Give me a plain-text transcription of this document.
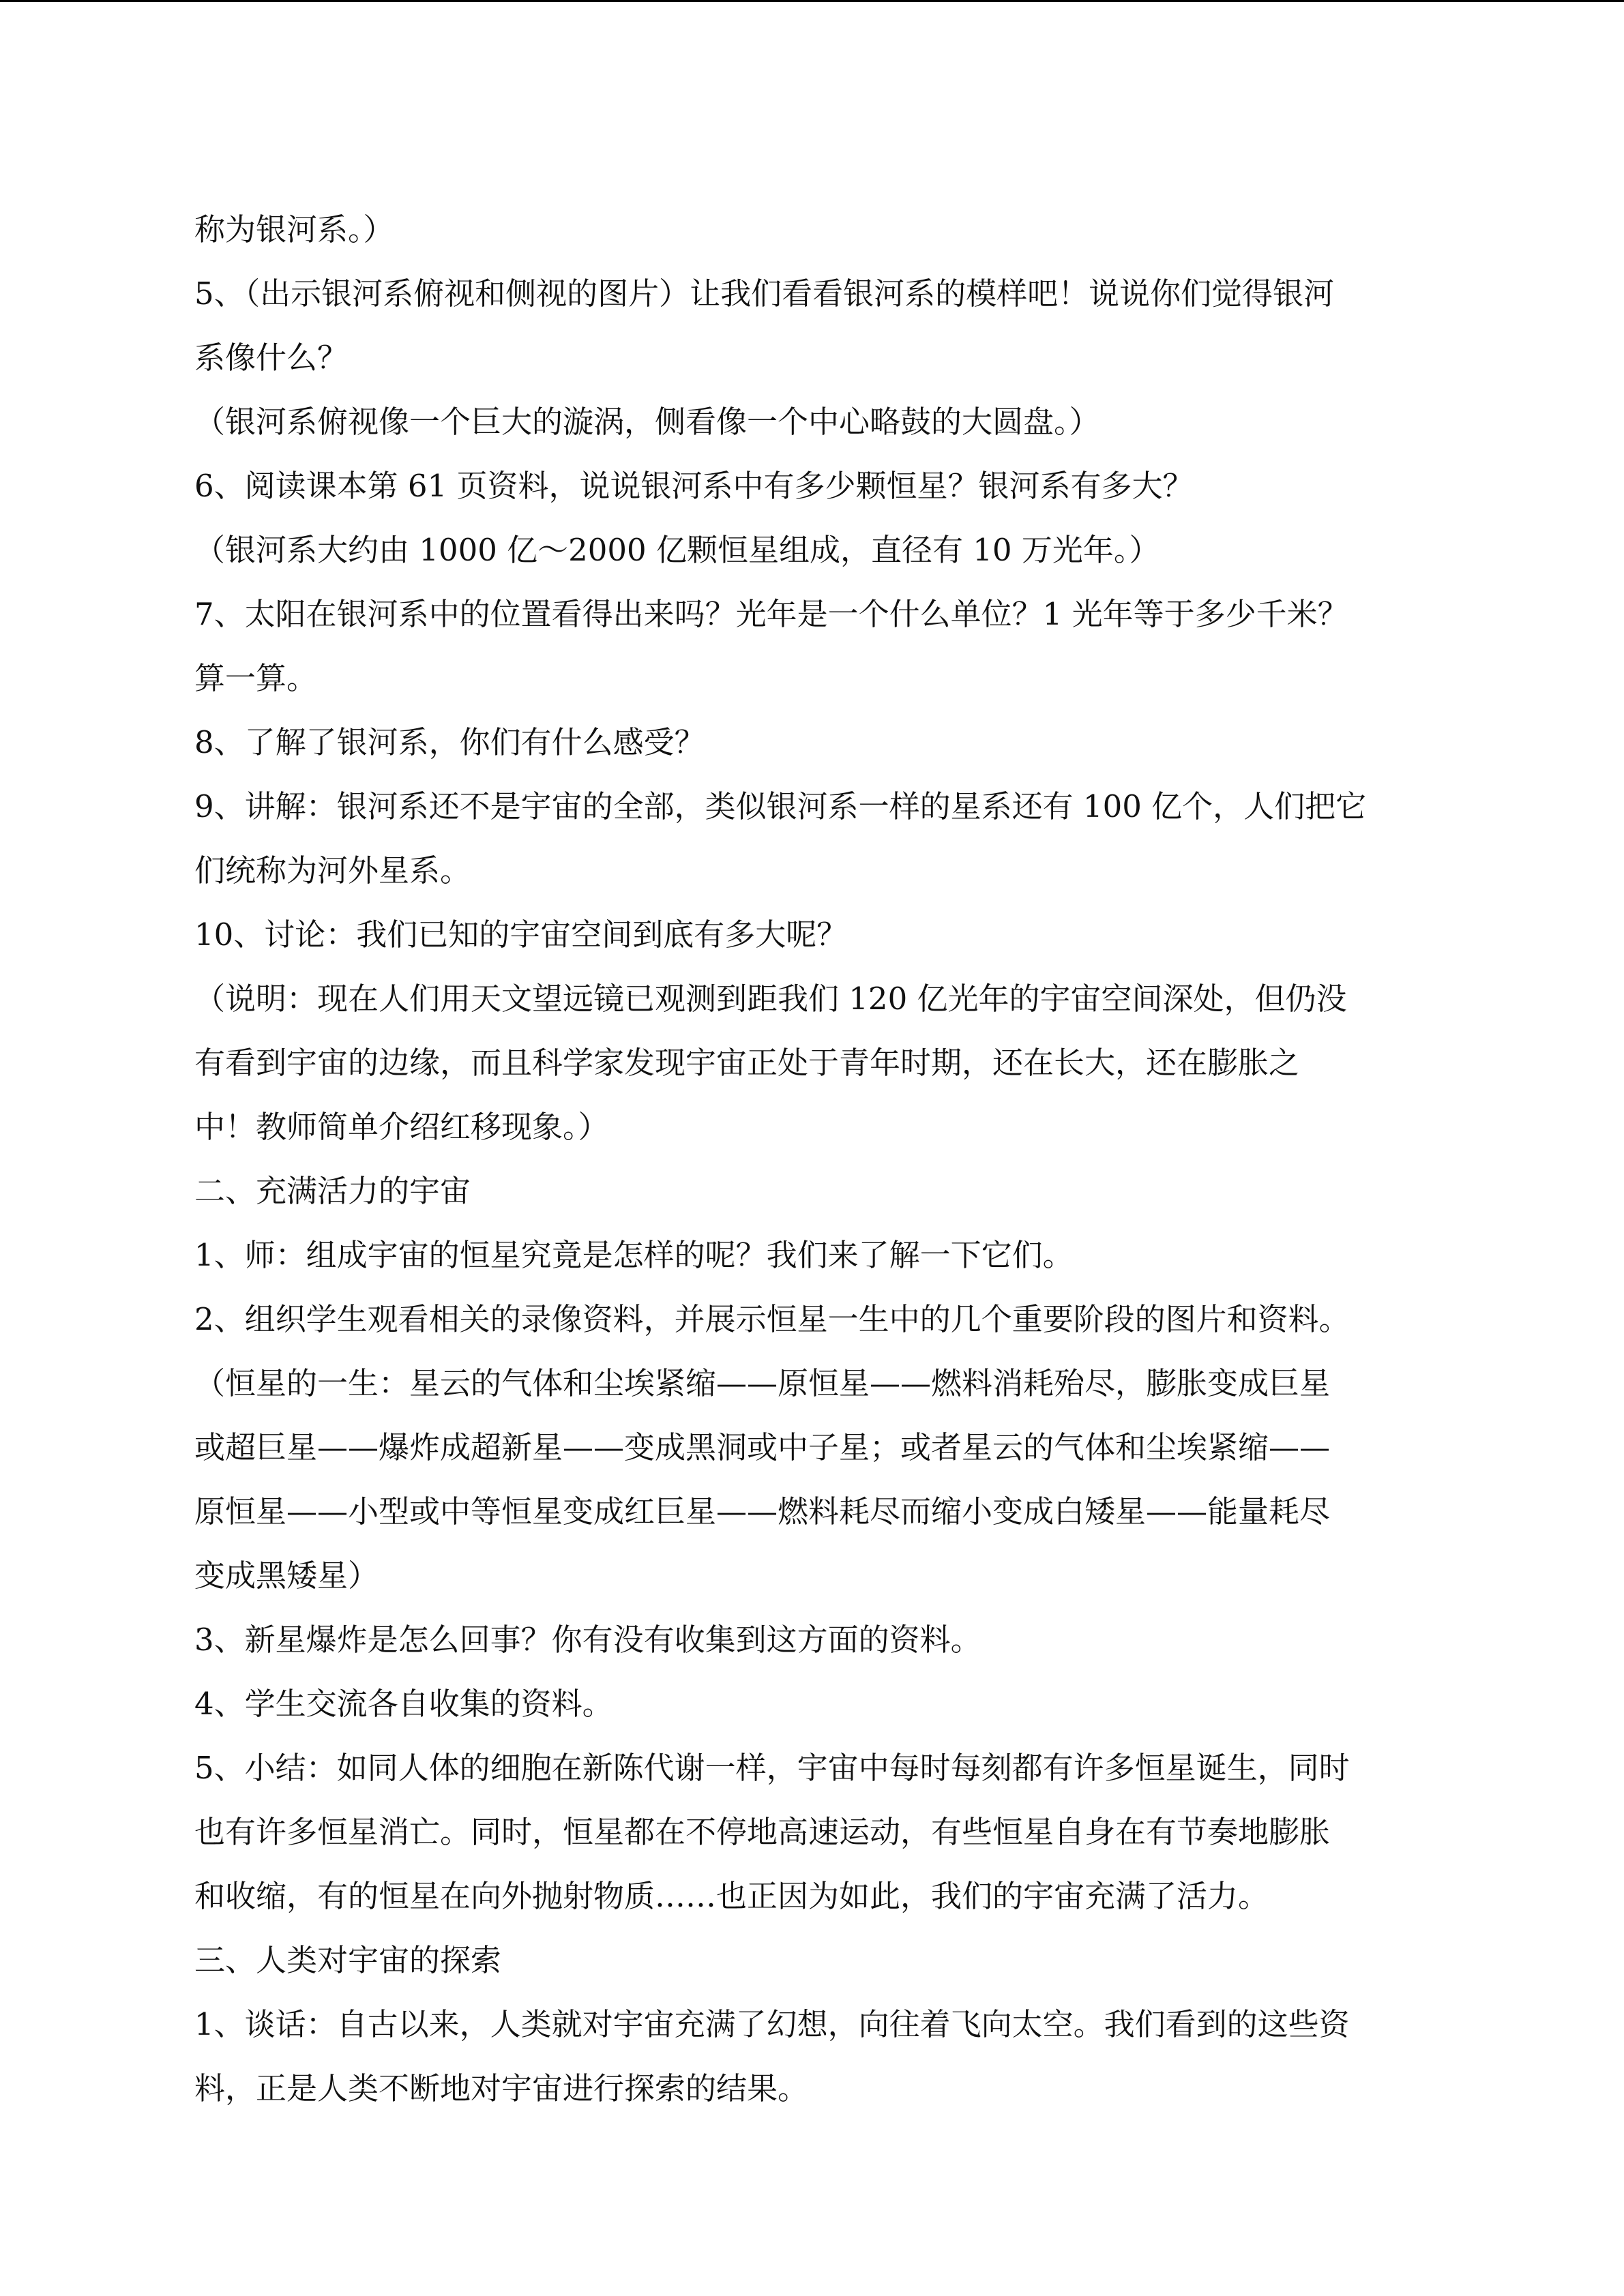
称为银河系。）
5、（出示银河系俯视和侧视的图片）让我们看看银河系的模样吧！说说你们觉得银河
系像什么？
（银河系俯视像一个巨大的漩涡，侧看像一个中心略鼓的大圆盘。）
6、阅读课本第 61 页资料，说说银河系中有多少颗恒星？银河系有多大？
（银河系大约由 1000 亿～2000 亿颗恒星组成，直径有 10 万光年。）
7、太阳在银河系中的位置看得出来吗？光年是一个什么单位？1 光年等于多少千米？
算一算。
8、了解了银河系，你们有什么感受？
9、讲解：银河系还不是宇宙的全部，类似银河系一样的星系还有 100 亿个，人们把它
们统称为河外星系。
10、讨论：我们已知的宇宙空间到底有多大呢？
（说明：现在人们用天文望远镜已观测到距我们 120 亿光年的宇宙空间深处，但仍没
有看到宇宙的边缘，而且科学家发现宇宙正处于青年时期，还在长大，还在膨胀之
中！教师简单介绍红移现象。）
二、充满活力的宇宙
1、师：组成宇宙的恒星究竟是怎样的呢？我们来了解一下它们。
2、组织学生观看相关的录像资料，并展示恒星一生中的几个重要阶段的图片和资料。
（恒星的一生：星云的气体和尘埃紧缩——原恒星——燃料消耗殆尽，膨胀变成巨星
或超巨星——爆炸成超新星——变成黑洞或中子星；或者星云的气体和尘埃紧缩——
原恒星——小型或中等恒星变成红巨星——燃料耗尽而缩小变成白矮星——能量耗尽
变成黑矮星）
3、新星爆炸是怎么回事？你有没有收集到这方面的资料。
4、学生交流各自收集的资料。
5、小结：如同人体的细胞在新陈代谢一样，宇宙中每时每刻都有许多恒星诞生，同时
也有许多恒星消亡。同时，恒星都在不停地高速运动，有些恒星自身在有节奏地膨胀
和收缩，有的恒星在向外抛射物质……也正因为如此，我们的宇宙充满了活力。
三、人类对宇宙的探索
1、谈话：自古以来，人类就对宇宙充满了幻想，向往着飞向太空。我们看到的这些资
料，正是人类不断地对宇宙进行探索的结果。
